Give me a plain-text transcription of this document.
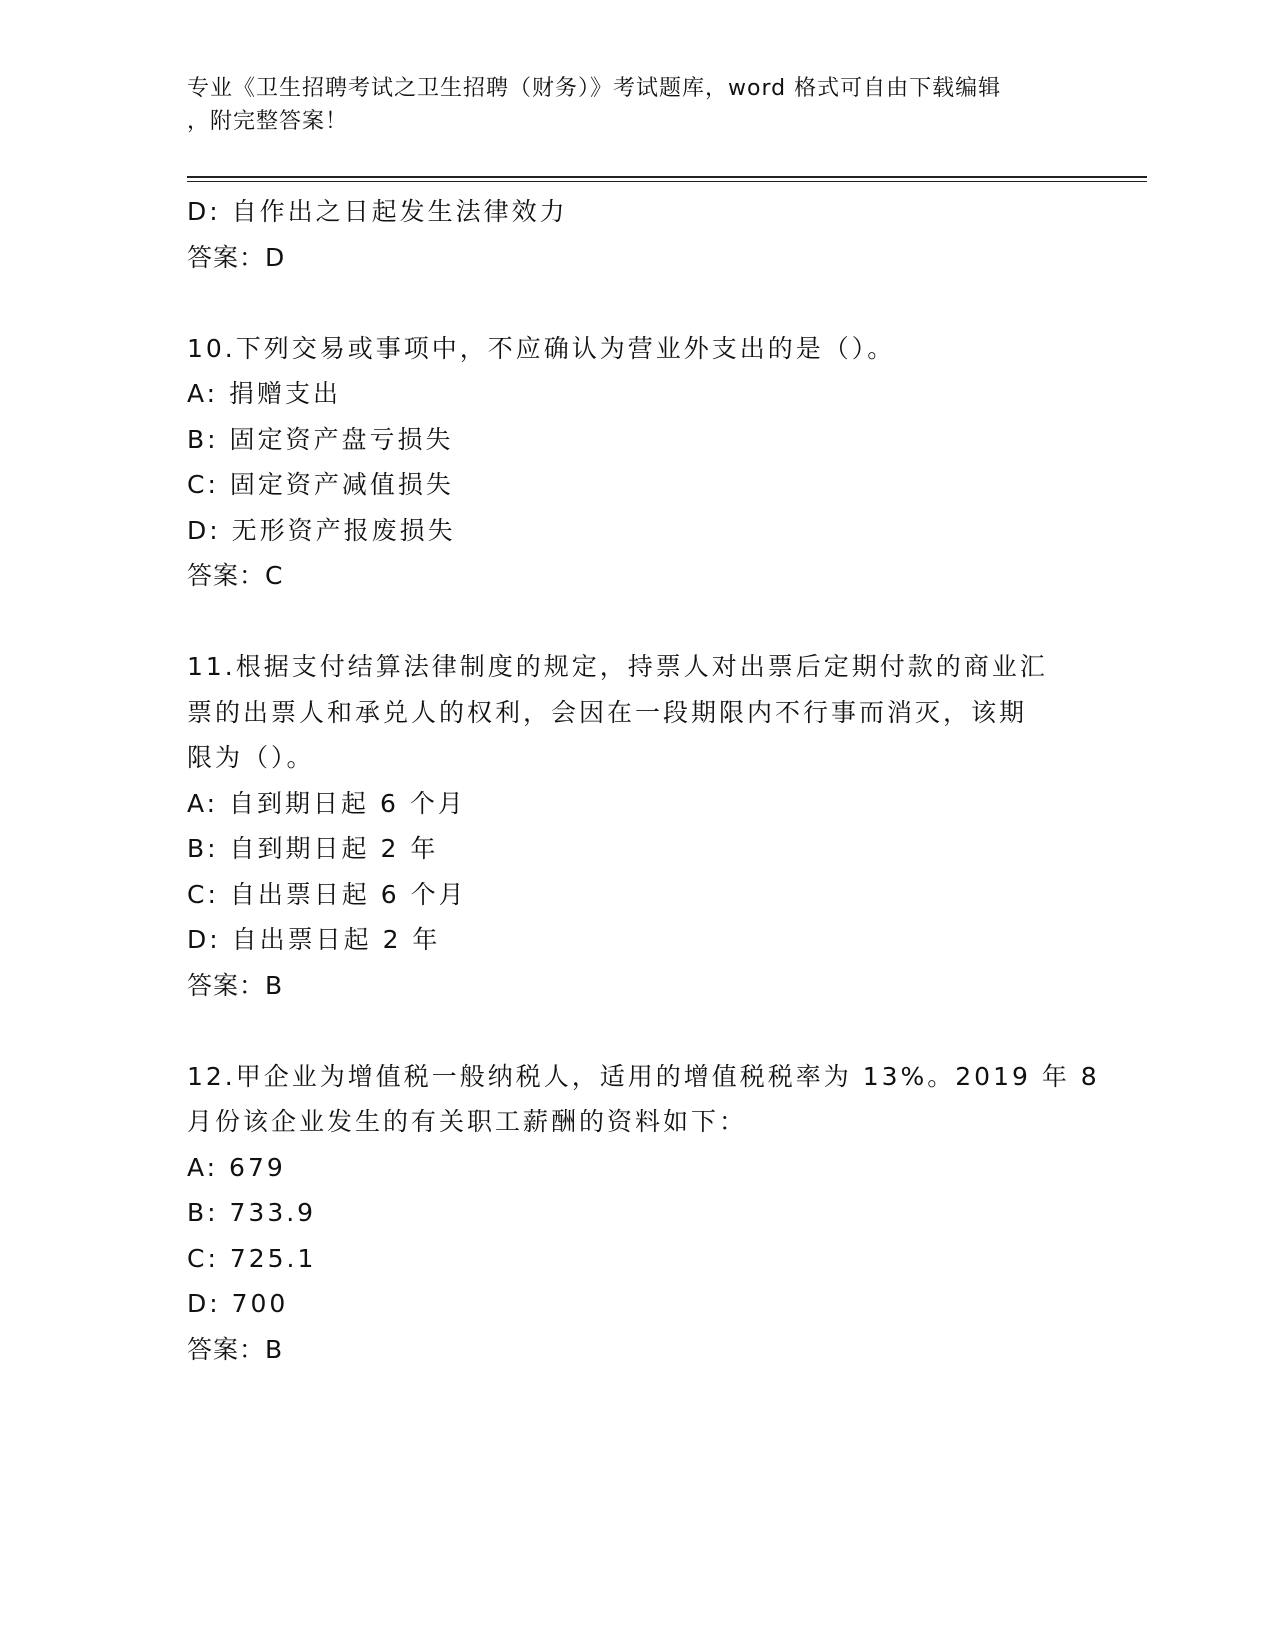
专业《卫生招聘考试之卫生招聘（财务）》考试题库，word 格式可自由下载编辑
，附完整答案！
D: 自作出之日起发生法律效力
答案：D
10.下列交易或事项中，不应确认为营业外支出的是（）。
A: 捐赠支出
B: 固定资产盘亏损失
C: 固定资产减值损失
D: 无形资产报废损失
答案：C
11.根据支付结算法律制度的规定，持票人对出票后定期付款的商业汇
票的出票人和承兑人的权利，会因在一段期限内不行事而消灭，该期
限为（）。
A: 自到期日起 6 个月
B: 自到期日起 2 年
C: 自出票日起 6 个月
D: 自出票日起 2 年
答案：B
12.甲企业为增值税一般纳税人，适用的增值税税率为 13%。2019 年 8
月份该企业发生的有关职工薪酬的资料如下：
A: 679
B: 733.9
C: 725.1
D: 700
答案：B
